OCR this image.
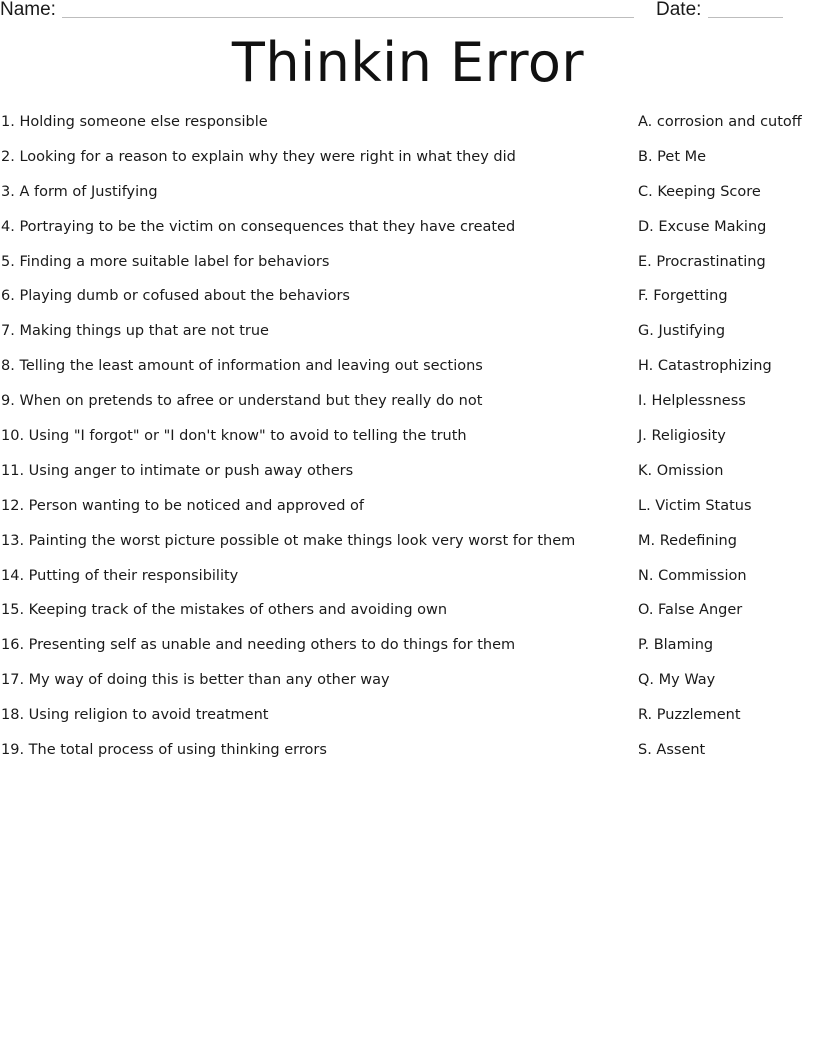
Name:	Date:
Thinkin Error
1. Holding someone else responsible	A. corrosion and cutoff
2. Looking for a reason to explain why they were right in what they did	B. Pet Me
3. A form of Justifying	C. Keeping Score
4. Portraying to be the victim on consequences that they have created	D. Excuse Making
5. Finding a more suitable label for behaviors	E. Procrastinating
6. Playing dumb or cofused about the behaviors	F. Forgetting
7. Making things up that are not true	G. Justifying
8. Telling the least amount of information and leaving out sections	H. Catastrophizing
9. When on pretends to afree or understand but they really do not	I. Helplessness
10. Using "I forgot" or "I don't know" to avoid to telling the truth	J. Religiosity
11. Using anger to intimate or push away others	K. Omission
12. Person wanting to be noticed and approved of	L. Victim Status
13. Painting the worst picture possible ot make things look very worst for them	M. Redefining
14. Putting of their responsibility	N. Commission
15. Keeping track of the mistakes of others and avoiding own	O. False Anger
16. Presenting self as unable and needing others to do things for them	P. Blaming
17. My way of doing this is better than any other way	Q. My Way
18. Using religion to avoid treatment	R. Puzzlement
19. The total process of using thinking errors	S. Assent
